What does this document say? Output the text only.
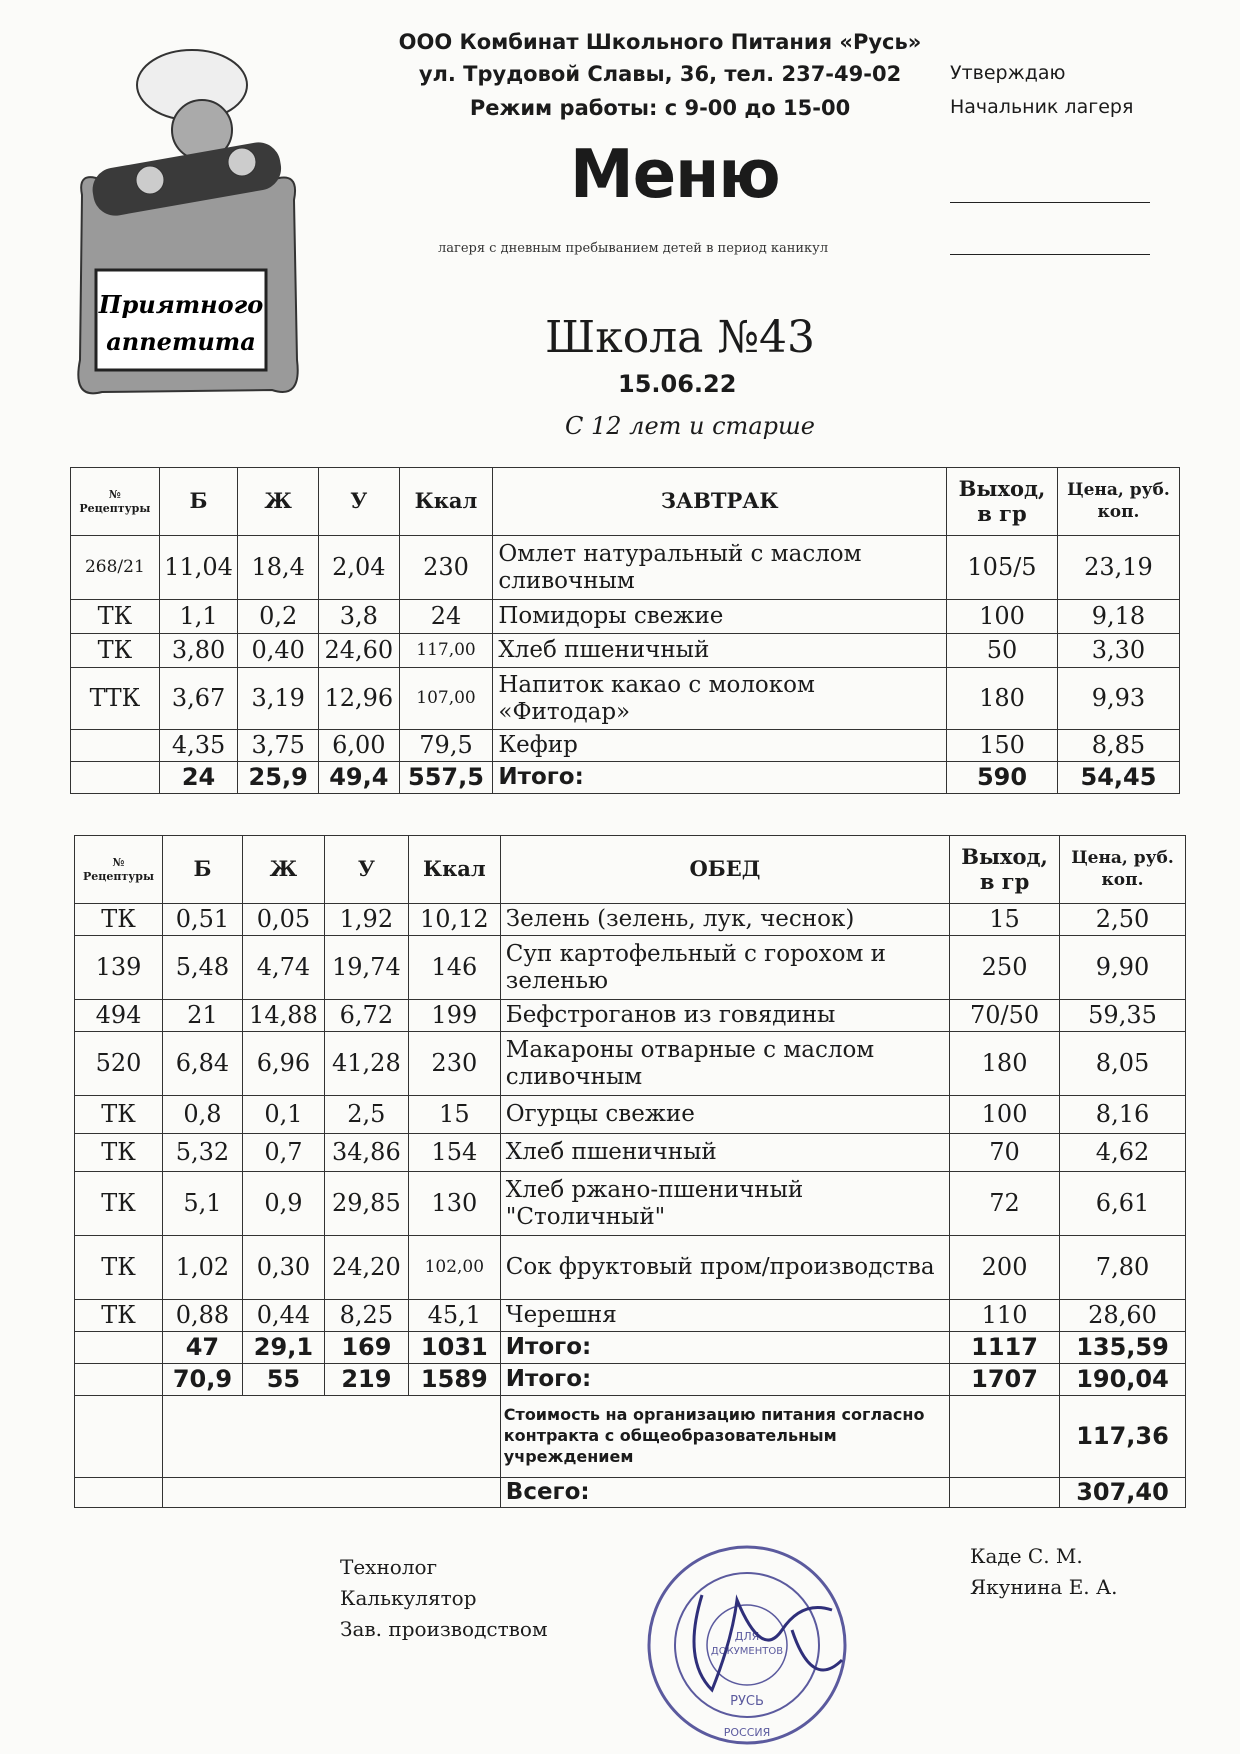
Приятного
аппетита
ООО Комбинат Школьного Питания «Русь»
ул. Трудовой Славы, 36, тел. 237-49-02
Режим работы: с 9-00 до 15-00
Утверждаю
Начальник лагеря
Меню
лагеря с дневным пребыванием детей в период каникул
Школа №43
15.06.22
С 12 лет и старше
№ Рецептуры	Б	Ж	У	Ккал	ЗАВТРАК	Выход, в гр	Цена, руб. коп.
268/21	11,04	18,4	2,04	230	Омлет натуральный с маслом сливочным	105/5	23,19
ТК	1,1	0,2	3,8	24	Помидоры свежие	100	9,18
ТК	3,80	0,40	24,60	117,00	Хлеб пшеничный	50	3,30
ТТК	3,67	3,19	12,96	107,00	Напиток какао с молоком «Фитодар»	180	9,93
	4,35	3,75	6,00	79,5	Кефир	150	8,85
	24	25,9	49,4	557,5	Итого:	590	54,45
№ Рецептуры	Б	Ж	У	Ккал	ОБЕД	Выход, в гр	Цена, руб. коп.
ТК	0,51	0,05	1,92	10,12	Зелень (зелень, лук, чеснок)	15	2,50
139	5,48	4,74	19,74	146	Суп картофельный с горохом и зеленью	250	9,90
494	21	14,88	6,72	199	Бефстроганов из говядины	70/50	59,35
520	6,84	6,96	41,28	230	Макароны отварные с маслом сливочным	180	8,05
ТК	0,8	0,1	2,5	15	Огурцы свежие	100	8,16
ТК	5,32	0,7	34,86	154	Хлеб пшеничный	70	4,62
ТК	5,1	0,9	29,85	130	Хлеб ржано-пшеничный "Столичный"	72	6,61
ТК	1,02	0,30	24,20	102,00	Сок фруктовый пром/производства	200	7,80
ТК	0,88	0,44	8,25	45,1	Черешня	110	28,60
	47	29,1	169	1031	Итого:	1117	135,59
	70,9	55	219	1589	Итого:	1707	190,04
					Стоимость на организацию питания согласно контракта с общеобразовательным учреждением		117,36
					Всего:		307,40
Технолог
Калькулятор
Зав. производством
Каде С. М.
Якунина Е. А.
ДЛЯ
ДОКУМЕНТОВ
РУСЬ
РОССИЯ
